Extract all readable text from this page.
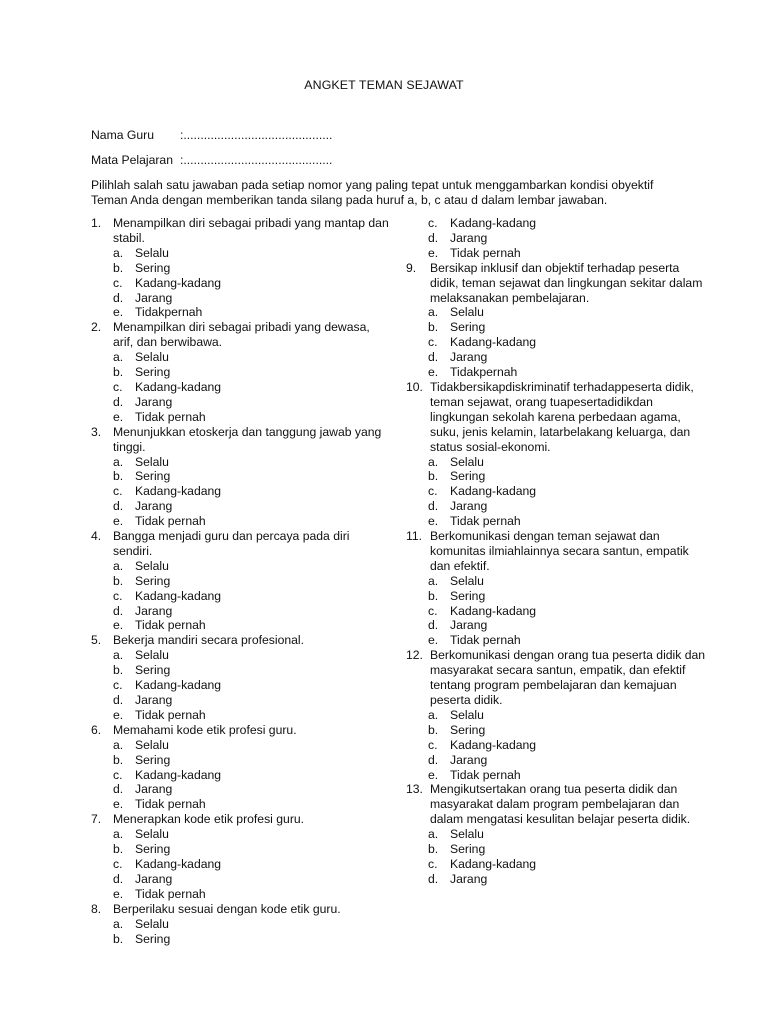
ANGKET TEMAN SEJAWAT
Nama Guru :............................................
Mata Pelajaran :............................................
Pilihlah salah satu jawaban pada setiap nomor yang paling tepat untuk menggambarkan kondisi obyektif Teman Anda dengan memberikan tanda silang pada huruf a, b, c atau d dalam lembar jawaban.
1. Menampilkan diri sebagai pribadi yang mantap dan stabil.
a. Selalu
b. Sering
c.	Kadang-kadang
d. Jarang
e. Tidakpernah
2. Menampilkan diri sebagai pribadi yang dewasa, arif, dan berwibawa.
a. Selalu
b. Sering
c.	Kadang-kadang
d. Jarang
e. Tidak pernah
3. Menunjukkan etoskerja dan tanggung jawab yang tinggi.
a. Selalu
b. Sering
c.	Kadang-kadang
d. Jarang
e. Tidak pernah
4. Bangga menjadi guru dan percaya pada diri sendiri.
a. Selalu
b. Sering
c.	Kadang-kadang
d. Jarang
e. Tidak pernah
5. Bekerja mandiri secara profesional.
a. Selalu
b. Sering
c.	Kadang-kadang
d. Jarang
e. Tidak pernah
6. Memahami kode etik profesi guru.
a. Selalu
b. Sering
c.	Kadang-kadang
d. Jarang
e. Tidak pernah
7. Menerapkan kode etik profesi guru.
a. Selalu
b. Sering
c.	Kadang-kadang
d. Jarang
e. Tidak pernah
8. Berperilaku sesuai dengan kode etik guru.
a. Selalu
b. Sering
c.	Kadang-kadang
d. Jarang
e. Tidak pernah
9.	Bersikap inklusif dan objektif terhadap peserta didik, teman sejawat dan lingkungan sekitar dalam melaksanakan pembelajaran.
a. Selalu
b. Sering
c.	Kadang-kadang
d. Jarang
e. Tidakpernah
10. Tidakbersikapdiskriminatif terhadappeserta didik, teman sejawat, orang tuapesertadidikdan lingkungan sekolah karena perbedaan agama, suku, jenis kelamin, latarbelakang keluarga, dan status sosial-ekonomi.
a. Selalu
b. Sering
c.	Kadang-kadang
d. Jarang
e. Tidak pernah
11. Berkomunikasi dengan teman sejawat dan komunitas ilmiahlainnya secara santun, empatik dan efektif.
a. Selalu
b. Sering
c.	Kadang-kadang
d. Jarang
e. Tidak pernah
12. Berkomunikasi dengan orang tua peserta didik dan masyarakat secara santun, empatik, dan efektif tentang program pembelajaran dan kemajuan peserta didik.
a. Selalu
b. Sering
c.	Kadang-kadang
d. Jarang
e. Tidak pernah
13. Mengikutsertakan orang tua peserta didik dan masyarakat dalam program pembelajaran dan dalam mengatasi kesulitan belajar peserta didik.
a. Selalu
b. Sering
c.	Kadang-kadang
d. Jarang
